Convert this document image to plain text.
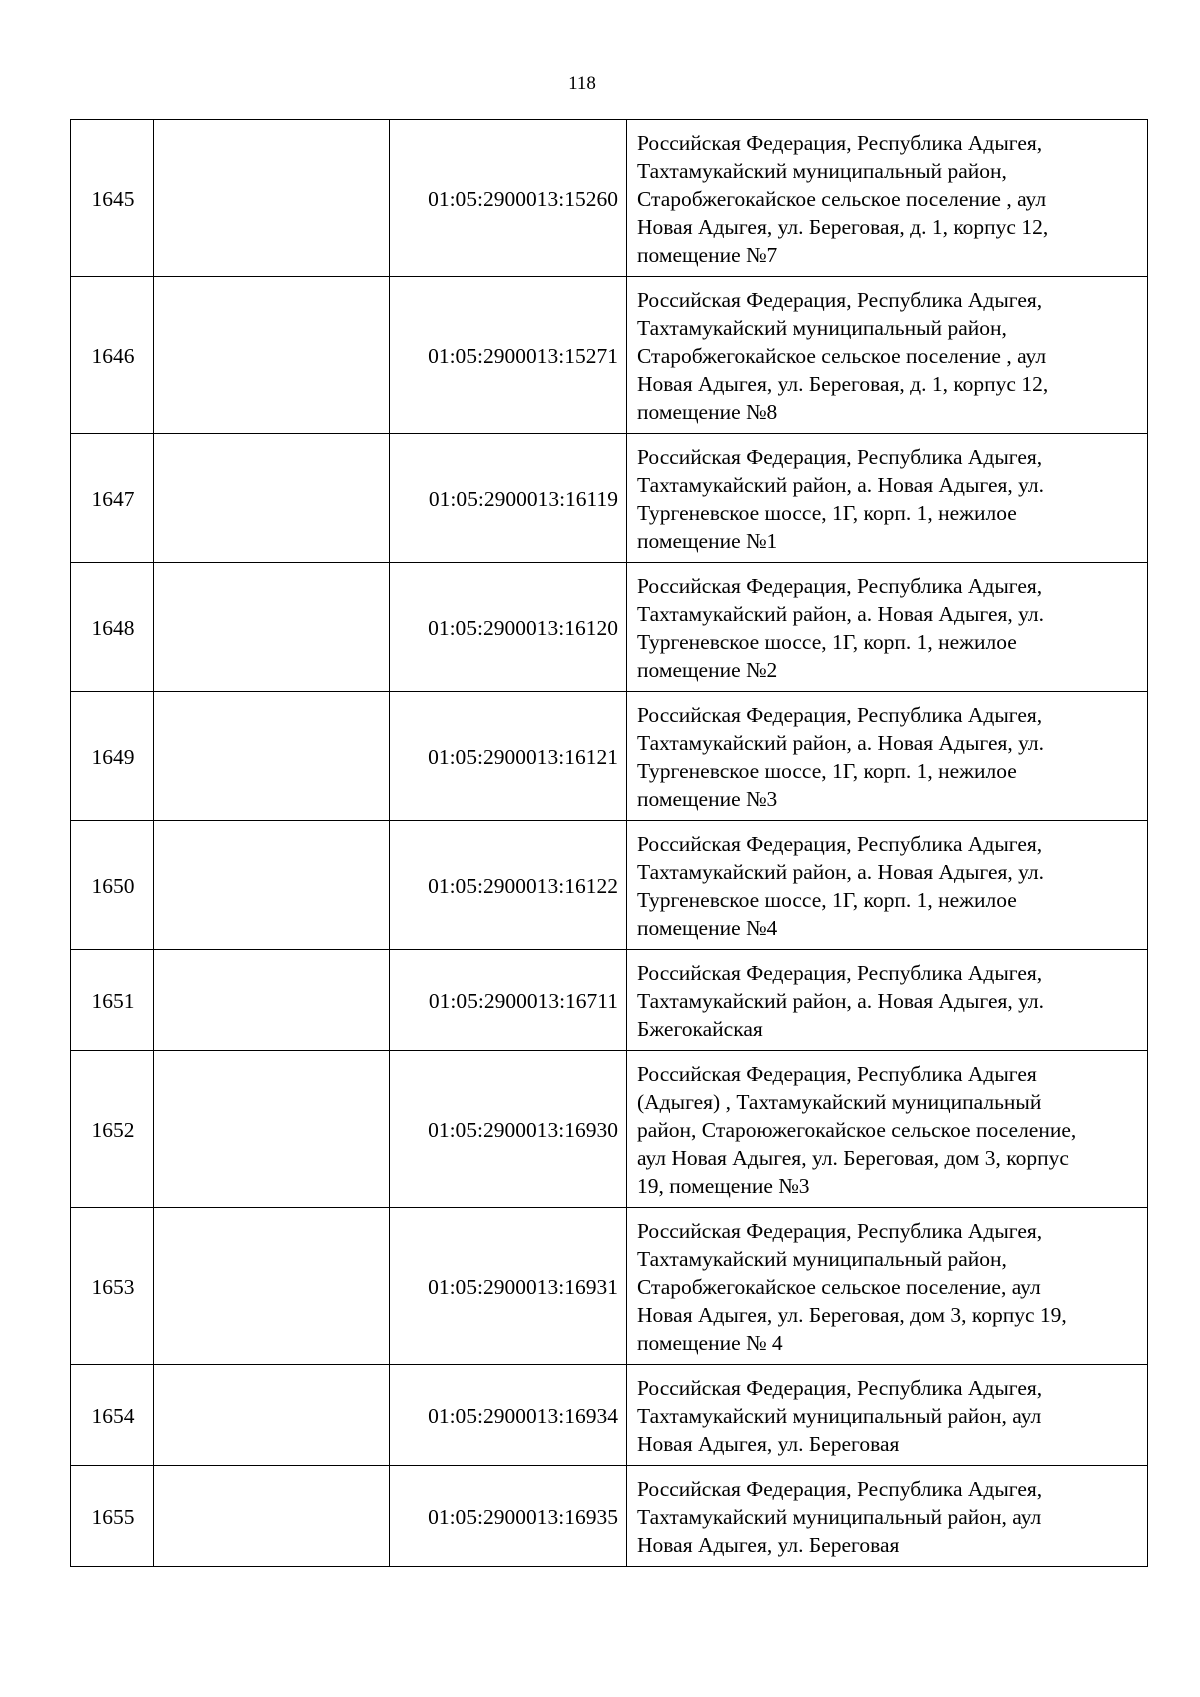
118
1645		01:05:2900013:15260	Российская Федерация, Республика Адыгея,
Тахтамукайский муниципальный район,
Старобжегокайское сельское поселение , аул
Новая Адыгея, ул. Береговая, д. 1, корпус 12,
помещение №7

1646		01:05:2900013:15271	Российская Федерация, Республика Адыгея,
Тахтамукайский муниципальный район,
Старобжегокайское сельское поселение , аул
Новая Адыгея, ул. Береговая, д. 1, корпус 12,
помещение №8

1647		01:05:2900013:16119	Российская Федерация, Республика Адыгея,
Тахтамукайский район, а. Новая Адыгея, ул.
Тургеневское шоссе, 1Г, корп. 1, нежилое
помещение №1

1648		01:05:2900013:16120	Российская Федерация, Республика Адыгея,
Тахтамукайский район, а. Новая Адыгея, ул.
Тургеневское шоссе, 1Г, корп. 1, нежилое
помещение №2

1649		01:05:2900013:16121	Российская Федерация, Республика Адыгея,
Тахтамукайский район, а. Новая Адыгея, ул.
Тургеневское шоссе, 1Г, корп. 1, нежилое
помещение №3

1650		01:05:2900013:16122	Российская Федерация, Республика Адыгея,
Тахтамукайский район, а. Новая Адыгея, ул.
Тургеневское шоссе, 1Г, корп. 1, нежилое
помещение №4

1651		01:05:2900013:16711	Российская Федерация, Республика Адыгея,
Тахтамукайский район, а. Новая Адыгея, ул.
Бжегокайская

1652		01:05:2900013:16930	Российская Федерация, Республика Адыгея
(Адыгея) , Тахтамукайский муниципальный
район, Староюжегокайское сельское поселение,
аул Новая Адыгея, ул. Береговая, дом 3, корпус
19, помещение №3

1653		01:05:2900013:16931	Российская Федерация, Республика Адыгея,
Тахтамукайский муниципальный район,
Старобжегокайское сельское поселение, аул
Новая Адыгея, ул. Береговая, дом 3, корпус 19,
помещение № 4

1654		01:05:2900013:16934	Российская Федерация, Республика Адыгея,
Тахтамукайский муниципальный район, аул
Новая Адыгея, ул. Береговая

1655		01:05:2900013:16935	Российская Федерация, Республика Адыгея,
Тахтамукайский муниципальный район, аул
Новая Адыгея, ул. Береговая
